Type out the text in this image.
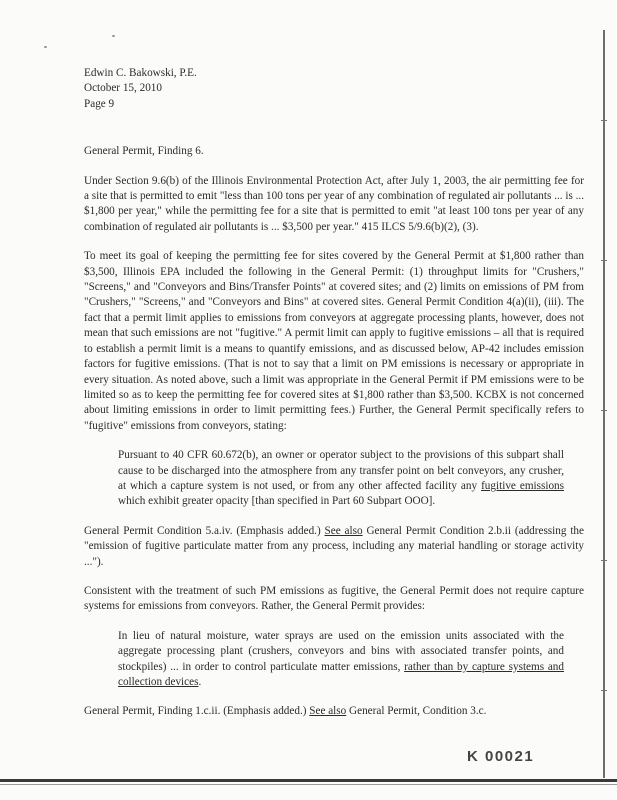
Edwin C. Bakowski, P.E.
October 15, 2010
Page 9

General Permit, Finding 6.

Under Section 9.6(b) of the Illinois Environmental Protection Act, after July 1, 2003, the air permitting fee for a site that is permitted to emit "less than 100 tons per year of any combination of regulated air pollutants ... is ... $1,800 per year," while the permitting fee for a site that is permitted to emit "at least 100 tons per year of any combination of regulated air pollutants is ... $3,500 per year." 415 ILCS 5/9.6(b)(2), (3).

To meet its goal of keeping the permitting fee for sites covered by the General Permit at $1,800 rather than $3,500, Illinois EPA included the following in the General Permit: (1) throughput limits for "Crushers," "Screens," and "Conveyors and Bins/Transfer Points" at covered sites; and (2) limits on emissions of PM from "Crushers," "Screens," and "Conveyors and Bins" at covered sites. General Permit Condition 4(a)(ii), (iii). The fact that a permit limit applies to emissions from conveyors at aggregate processing plants, however, does not mean that such emissions are not "fugitive." A permit limit can apply to fugitive emissions – all that is required to establish a permit limit is a means to quantify emissions, and as discussed below, AP-42 includes emission factors for fugitive emissions. (That is not to say that a limit on PM emissions is necessary or appropriate in every situation. As noted above, such a limit was appropriate in the General Permit if PM emissions were to be limited so as to keep the permitting fee for covered sites at $1,800 rather than $3,500. KCBX is not concerned about limiting emissions in order to limit permitting fees.) Further, the General Permit specifically refers to "fugitive" emissions from conveyors, stating:

Pursuant to 40 CFR 60.672(b), an owner or operator subject to the provisions of this subpart shall cause to be discharged into the atmosphere from any transfer point on belt conveyors, any crusher, at which a capture system is not used, or from any other affected facility any fugitive emissions which exhibit greater opacity [than specified in Part 60 Subpart OOO].

General Permit Condition 5.a.iv. (Emphasis added.) See also General Permit Condition 2.b.ii (addressing the "emission of fugitive particulate matter from any process, including any material handling or storage activity ...").

Consistent with the treatment of such PM emissions as fugitive, the General Permit does not require capture systems for emissions from conveyors. Rather, the General Permit provides:

In lieu of natural moisture, water sprays are used on the emission units associated with the aggregate processing plant (crushers, conveyors and bins with associated transfer points, and stockpiles) ... in order to control particulate matter emissions, rather than by capture systems and collection devices.

General Permit, Finding 1.c.ii. (Emphasis added.) See also General Permit, Condition 3.c.

K 00021
